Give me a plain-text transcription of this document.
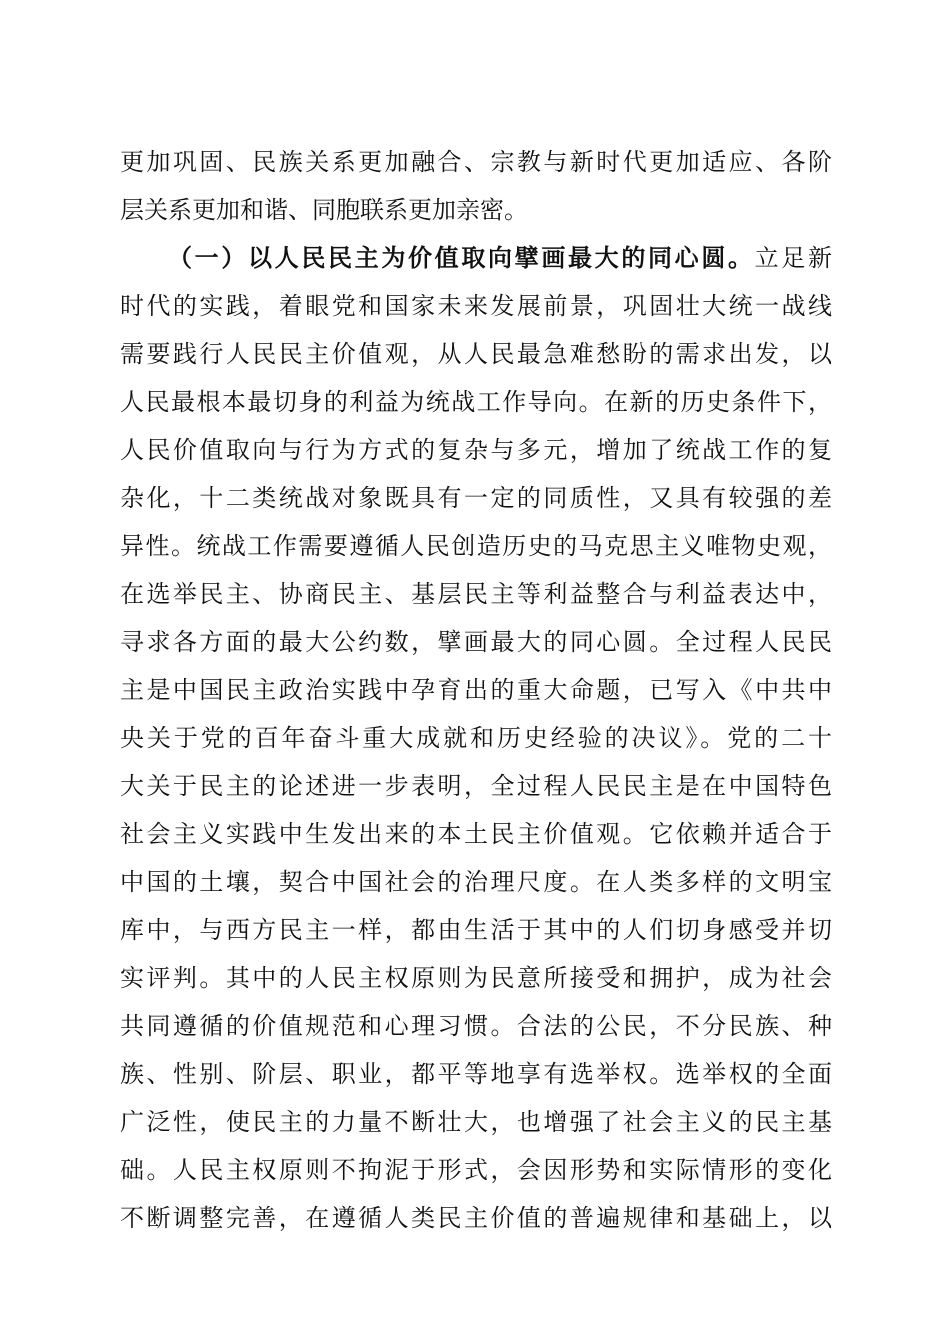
更加巩固、民族关系更加融合、宗教与新时代更加适应、各阶
层关系更加和谐、同胞联系更加亲密。
（一）以人民民主为价值取向擘画最大的同心圆。立足新
时代的实践，着眼党和国家未来发展前景，巩固壮大统一战线
需要践行人民民主价值观，从人民最急难愁盼的需求出发，以
人民最根本最切身的利益为统战工作导向。在新的历史条件下，
人民价值取向与行为方式的复杂与多元，增加了统战工作的复
杂化，十二类统战对象既具有一定的同质性，又具有较强的差
异性。统战工作需要遵循人民创造历史的马克思主义唯物史观，
在选举民主、协商民主、基层民主等利益整合与利益表达中，
寻求各方面的最大公约数，擘画最大的同心圆。全过程人民民
主是中国民主政治实践中孕育出的重大命题，已写入《中共中
央关于党的百年奋斗重大成就和历史经验的决议》。党的二十
大关于民主的论述进一步表明，全过程人民民主是在中国特色
社会主义实践中生发出来的本土民主价值观。它依赖并适合于
中国的土壤，契合中国社会的治理尺度。在人类多样的文明宝
库中，与西方民主一样，都由生活于其中的人们切身感受并切
实评判。其中的人民主权原则为民意所接受和拥护，成为社会
共同遵循的价值规范和心理习惯。合法的公民，不分民族、种
族、性别、阶层、职业，都平等地享有选举权。选举权的全面
广泛性，使民主的力量不断壮大，也增强了社会主义的民主基
础。人民主权原则不拘泥于形式，会因形势和实际情形的变化
不断调整完善，在遵循人类民主价值的普遍规律和基础上，以
